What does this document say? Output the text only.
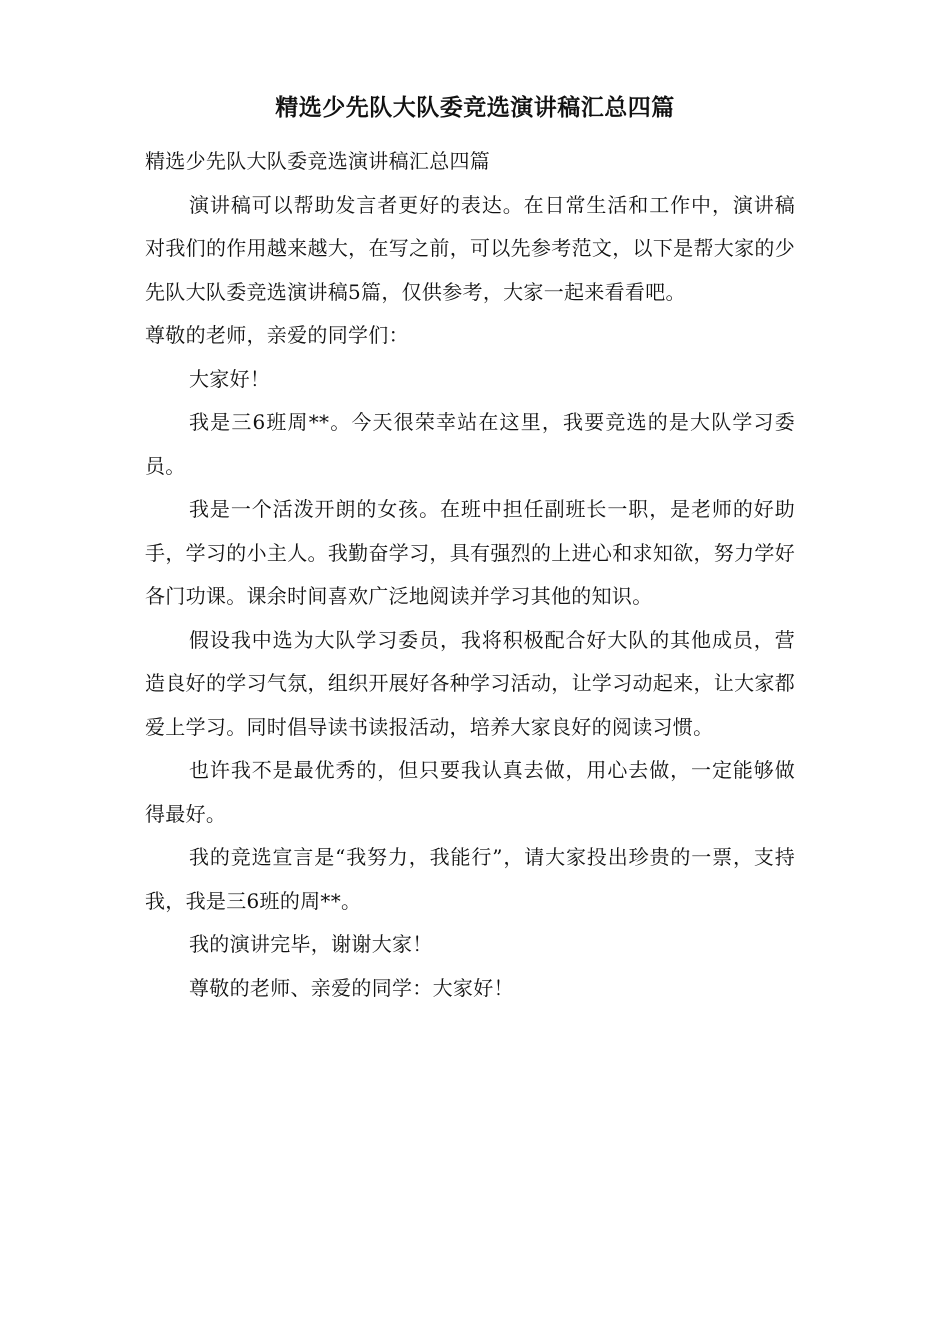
精选少先队大队委竞选演讲稿汇总四篇

精选少先队大队委竞选演讲稿汇总四篇

演讲稿可以帮助发言者更好的表达。在日常生活和工作中，演讲稿对我们的作用越来越大，在写之前，可以先参考范文，以下是帮大家的少先队大队委竞选演讲稿5篇，仅供参考，大家一起来看看吧。

尊敬的老师，亲爱的同学们：

大家好！

我是三6班周**。今天很荣幸站在这里，我要竞选的是大队学习委员。

我是一个活泼开朗的女孩。在班中担任副班长一职，是老师的好助手，学习的小主人。我勤奋学习，具有强烈的上进心和求知欲，努力学好各门功课。课余时间喜欢广泛地阅读并学习其他的知识。

假设我中选为大队学习委员，我将积极配合好大队的其他成员，营造良好的学习气氛，组织开展好各种学习活动，让学习动起来，让大家都爱上学习。同时倡导读书读报活动，培养大家良好的阅读习惯。

也许我不是最优秀的，但只要我认真去做，用心去做，一定能够做得最好。

我的竞选宣言是“我努力，我能行”，请大家投出珍贵的一票，支持我，我是三6班的周**。

我的演讲完毕，谢谢大家！

尊敬的老师、亲爱的同学：大家好！
